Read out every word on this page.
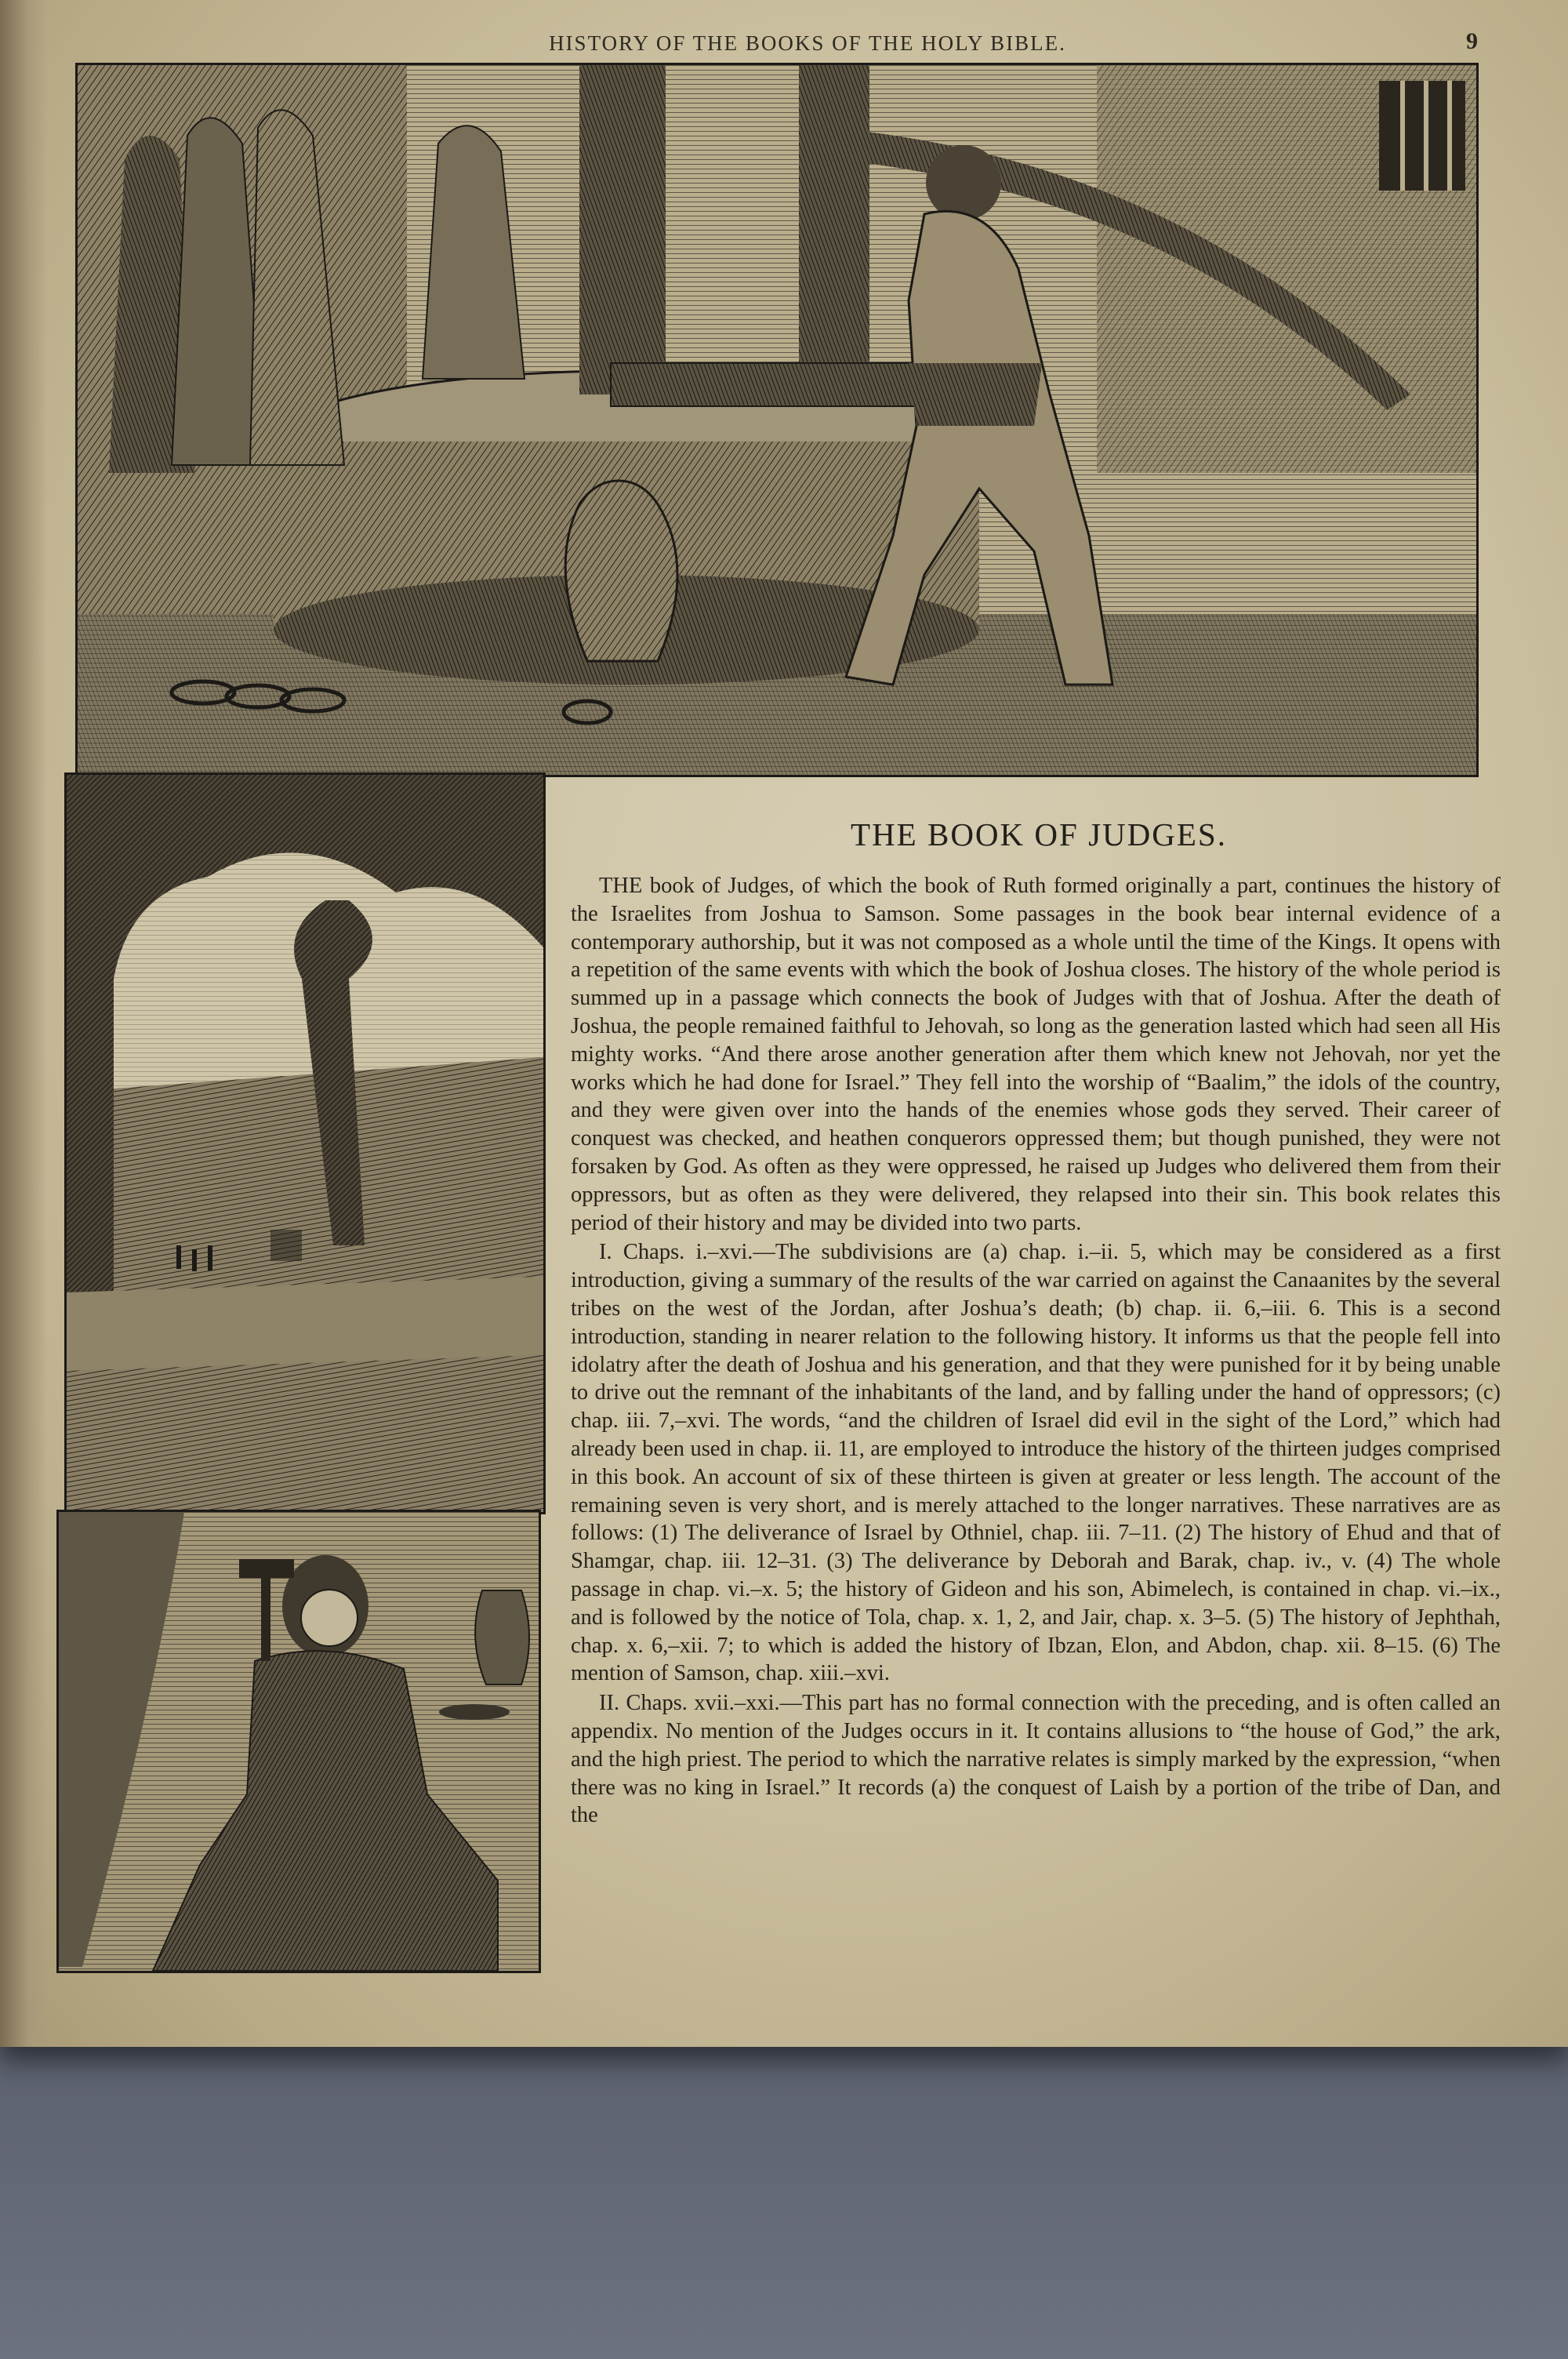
HISTORY OF THE BOOKS OF THE HOLY BIBLE.	9
THE BOOK OF JUDGES.

THE book of Judges, of which the book of Ruth formed originally a part, continues the history of the Israelites from Joshua to Samson. Some passages in the book bear internal evidence of a contemporary authorship, but it was not composed as a whole until the time of the Kings. It opens with a repetition of the same events with which the book of Joshua closes. The history of the whole period is summed up in a passage which connects the book of Judges with that of Joshua. After the death of Joshua, the people remained faithful to Jehovah, so long as the generation lasted which had seen all His mighty works. “And there arose another generation after them which knew not Jehovah, nor yet the works which he had done for Israel.” They fell into the worship of “Baalim,” the idols of the country, and they were given over into the hands of the enemies whose gods they served. Their career of conquest was checked, and heathen conquerors oppressed them; but though punished, they were not forsaken by God. As often as they were oppressed, he raised up Judges who delivered them from their oppressors, but as often as they were delivered, they relapsed into their sin. This book relates this period of their history and may be divided into two parts.

I. Chaps. i.–xvi.—The subdivisions are (a) chap. i.–ii. 5, which may be considered as a first introduction, giving a summary of the results of the war carried on against the Canaanites by the several tribes on the west of the Jordan, after Joshua’s death; (b) chap. ii. 6,–iii. 6. This is a second introduction, standing in nearer relation to the following history. It informs us that the people fell into idolatry after the death of Joshua and his generation, and that they were punished for it by being unable to drive out the remnant of the inhabitants of the land, and by falling under the hand of oppressors; (c) chap. iii. 7,–xvi. The words, “and the children of Israel did evil in the sight of the Lord,” which had already been used in chap. ii. 11, are employed to introduce the history of the thirteen judges comprised in this book. An account of six of these thirteen is given at greater or less length. The account of the remaining seven is very short, and is merely attached to the longer narratives. These narratives are as follows: (1) The deliverance of Israel by Othniel, chap. iii. 7–11. (2) The history of Ehud and that of Shamgar, chap. iii. 12–31. (3) The deliverance by Deborah and Barak, chap. iv., v. (4) The whole passage in chap. vi.–x. 5; the history of Gideon and his son, Abimelech, is contained in chap. vi.–ix., and is followed by the notice of Tola, chap. x. 1, 2, and Jair, chap. x. 3–5. (5) The history of Jephthah, chap. x. 6,–xii. 7; to which is added the history of Ibzan, Elon, and Abdon, chap. xii. 8–15. (6) The mention of Samson, chap. xiii.–xvi.

II. Chaps. xvii.–xxi.—This part has no formal connection with the preceding, and is often called an appendix. No mention of the Judges occurs in it. It contains allusions to “the house of God,” the ark, and the high priest. The period to which the narrative relates is simply marked by the expression, “when there was no king in Israel.” It records (a) the conquest of Laish by a portion of the tribe of Dan, and the
